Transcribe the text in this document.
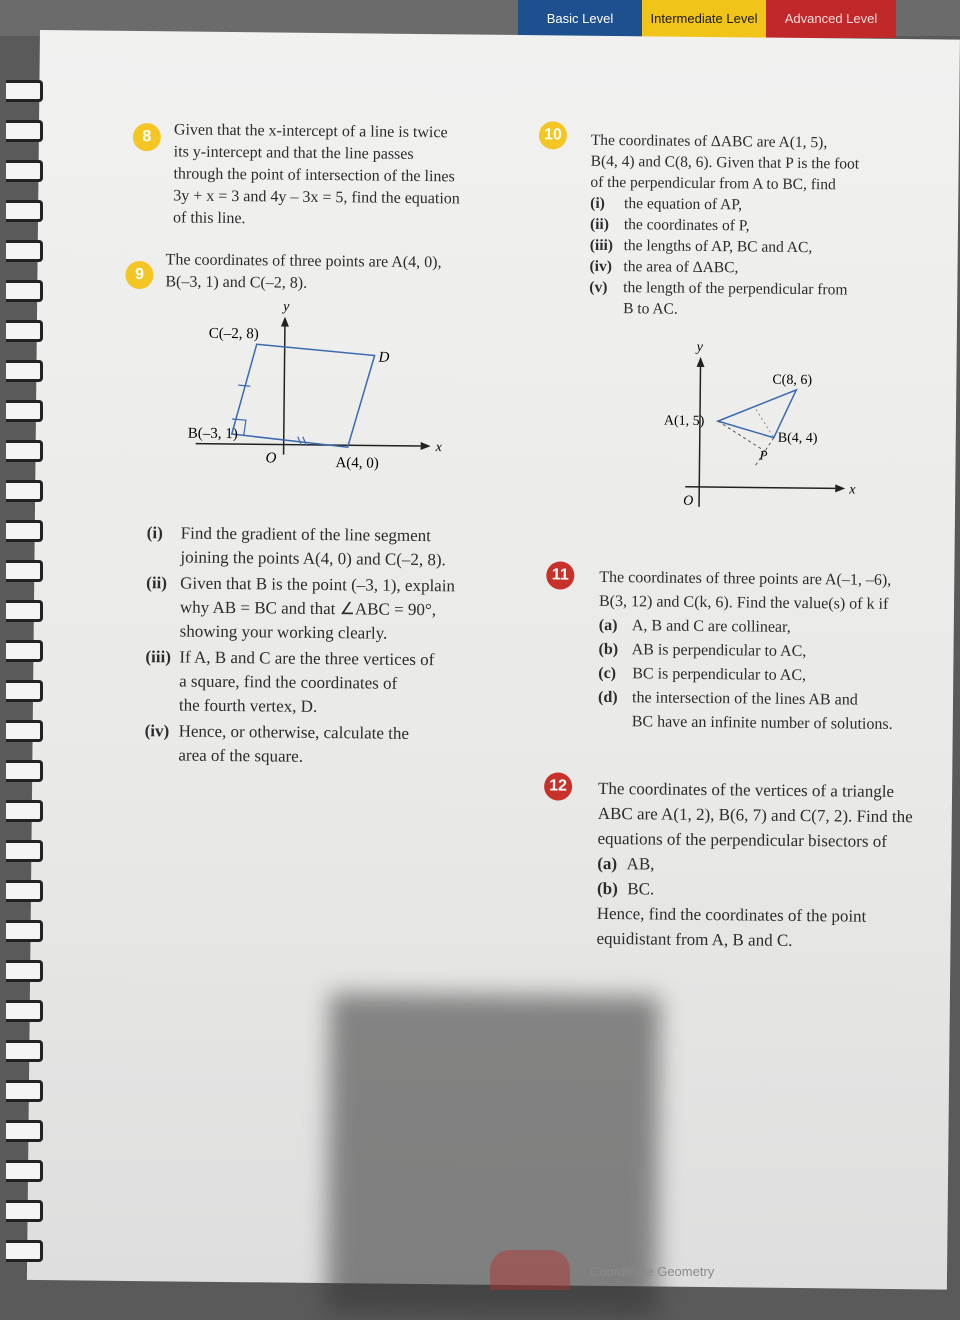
Basic Level	Intermediate Level	Advanced Level
8	Given that the x-intercept of a line is twice
its y-intercept and that the line passes
through the point of intersection of the lines
3y + x = 3 and 4y – 3x = 5, find the equation
of this line.
9
The coordinates of three points are A(4, 0),
B(–3, 1) and C(–2, 8).
y
x
O
C(–2, 8)
D
B(–3, 1)
A(4, 0)
(i)	Find the gradient of the line segment
joining the points A(4, 0) and C(–2, 8).
(ii) Given that B is the point (–3, 1), explain
why AB = BC and that ∠ABC = 90°,
showing your working clearly.
(iii) If A, B and C are the three vertices of
a square, find the coordinates of
the fourth vertex, D.
(iv) Hence, or otherwise, calculate the
area of the square.
10	The coordinates of ΔABC are A(1, 5),
B(4, 4) and C(8, 6). Given that P is the foot
of the perpendicular from A to BC, find
(i) the equation of AP,
(ii) the coordinates of P,
(iii) the lengths of AP, BC and AC,
(iv) the area of ΔABC,
(v) the length of the perpendicular from
B to AC.
y
x
O
C(8, 6)
A(1, 5)
B(4, 4)
P
11	The coordinates of three points are A(–1, –6),
B(3, 12) and C(k, 6). Find the value(s) of k if
(a) A, B and C are collinear,
(b) AB is perpendicular to AC,
(c) BC is perpendicular to AC,
(d) the intersection of the lines AB and
BC have an infinite number of solutions.
12	The coordinates of the vertices of a triangle
ABC are A(1, 2), B(6, 7) and C(7, 2). Find the
equations of the perpendicular bisectors of
(a) AB,
(b) BC.
Hence, find the coordinates of the point
equidistant from A, B and C.
Coordinate Geometry
